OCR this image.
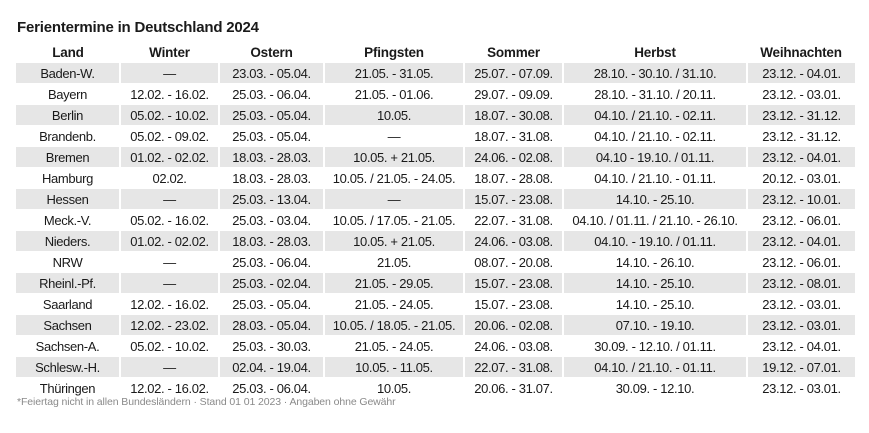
Ferientermine in Deutschland 2024
Land	Winter	Ostern	Pfingsten	Sommer	Herbst	Weihnachten
Baden-W.	—	23.03. - 05.04.	21.05. - 31.05.	25.07. - 07.09.	28.10. - 30.10. / 31.10.	23.12. - 04.01.
Bayern	12.02. - 16.02.	25.03. - 06.04.	21.05. - 01.06.	29.07. - 09.09.	28.10. - 31.10. / 20.11.	23.12. - 03.01.
Berlin	05.02. - 10.02.	25.03. - 05.04.	10.05.	18.07. - 30.08.	04.10. / 21.10. - 02.11.	23.12. - 31.12.
Brandenb.	05.02. - 09.02.	25.03. - 05.04.	—	18.07. - 31.08.	04.10. / 21.10. - 02.11.	23.12. - 31.12.
Bremen	01.02. - 02.02.	18.03. - 28.03.	10.05. + 21.05.	24.06. - 02.08.	04.10 - 19.10. / 01.11.	23.12. - 04.01.
Hamburg	02.02.	18.03. - 28.03.	10.05. / 21.05. - 24.05.	18.07. - 28.08.	04.10. / 21.10. - 01.11.	20.12. - 03.01.
Hessen	—	25.03. - 13.04.	—	15.07. - 23.08.	14.10. - 25.10.	23.12. - 10.01.
Meck.-V.	05.02. - 16.02.	25.03. - 03.04.	10.05. / 17.05. - 21.05.	22.07. - 31.08.	04.10. / 01.11. / 21.10. - 26.10.	23.12. - 06.01.
Nieders.	01.02. - 02.02.	18.03. - 28.03.	10.05. + 21.05.	24.06. - 03.08.	04.10. - 19.10. / 01.11.	23.12. - 04.01.
NRW	—	25.03. - 06.04.	21.05.	08.07. - 20.08.	14.10. - 26.10.	23.12. - 06.01.
Rheinl.-Pf.	—	25.03. - 02.04.	21.05. - 29.05.	15.07. - 23.08.	14.10. - 25.10.	23.12. - 08.01.
Saarland	12.02. - 16.02.	25.03. - 05.04.	21.05. - 24.05.	15.07. - 23.08.	14.10. - 25.10.	23.12. - 03.01.
Sachsen	12.02. - 23.02.	28.03. - 05.04.	10.05. / 18.05. - 21.05.	20.06. - 02.08.	07.10. - 19.10.	23.12. - 03.01.
Sachsen-A.	05.02. - 10.02.	25.03. - 30.03.	21.05. - 24.05.	24.06. - 03.08.	30.09. - 12.10. / 01.11.	23.12. - 04.01.
Schlesw.-H.	—	02.04. - 19.04.	10.05. - 11.05.	22.07. - 31.08.	04.10. / 21.10. - 01.11.	19.12. - 07.01.
Thüringen	12.02. - 16.02.	25.03. - 06.04.	10.05.	20.06. - 31.07.	30.09. - 12.10.	23.12. - 03.01.
*Feiertag nicht in allen Bundesländern · Stand 01 01 2023 · Angaben ohne Gewähr
